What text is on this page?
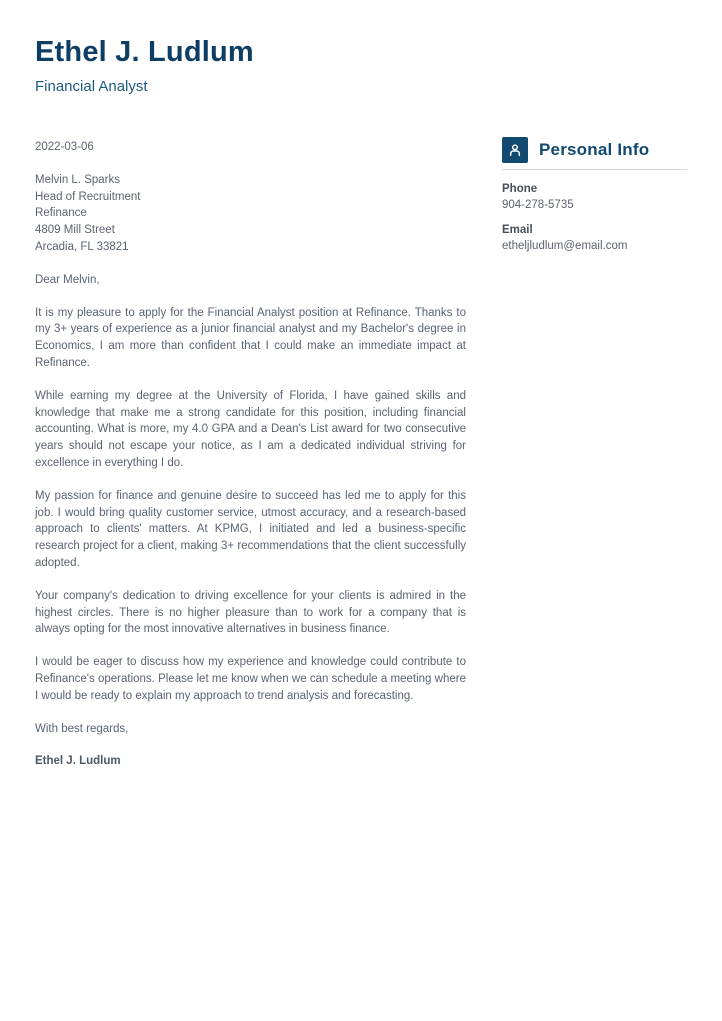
Ethel J. Ludlum
Financial Analyst
2022-03-06
Melvin L. Sparks
Head of Recruitment
Refinance
4809 Mill Street
Arcadia, FL 33821
Dear Melvin,

It is my pleasure to apply for the Financial Analyst position at Refinance. Thanks to my 3+ years of experience as a junior financial analyst and my Bachelor's degree in Economics, I am more than confident that I could make an immediate impact at Refinance.

While earning my degree at the University of Florida, I have gained skills and knowledge that make me a strong candidate for this position, including financial accounting. What is more, my 4.0 GPA and a Dean's List award for two consecutive years should not escape your notice, as I am a dedicated individual striving for excellence in everything I do.

My passion for finance and genuine desire to succeed has led me to apply for this job. I would bring quality customer service, utmost accuracy, and a research-based approach to clients' matters. At KPMG, I initiated and led a business-specific research project for a client, making 3+ recommendations that the client successfully adopted.

Your company's dedication to driving excellence for your clients is admired in the highest circles. There is no higher pleasure than to work for a company that is always opting for the most innovative alternatives in business finance.

I would be eager to discuss how my experience and knowledge could contribute to Refinance's operations. Please let me know when we can schedule a meeting where I would be ready to explain my approach to trend analysis and forecasting.

With best regards,
Ethel J. Ludlum
Personal Info
Phone
904-278-5735
Email
etheljludlum@email.com
